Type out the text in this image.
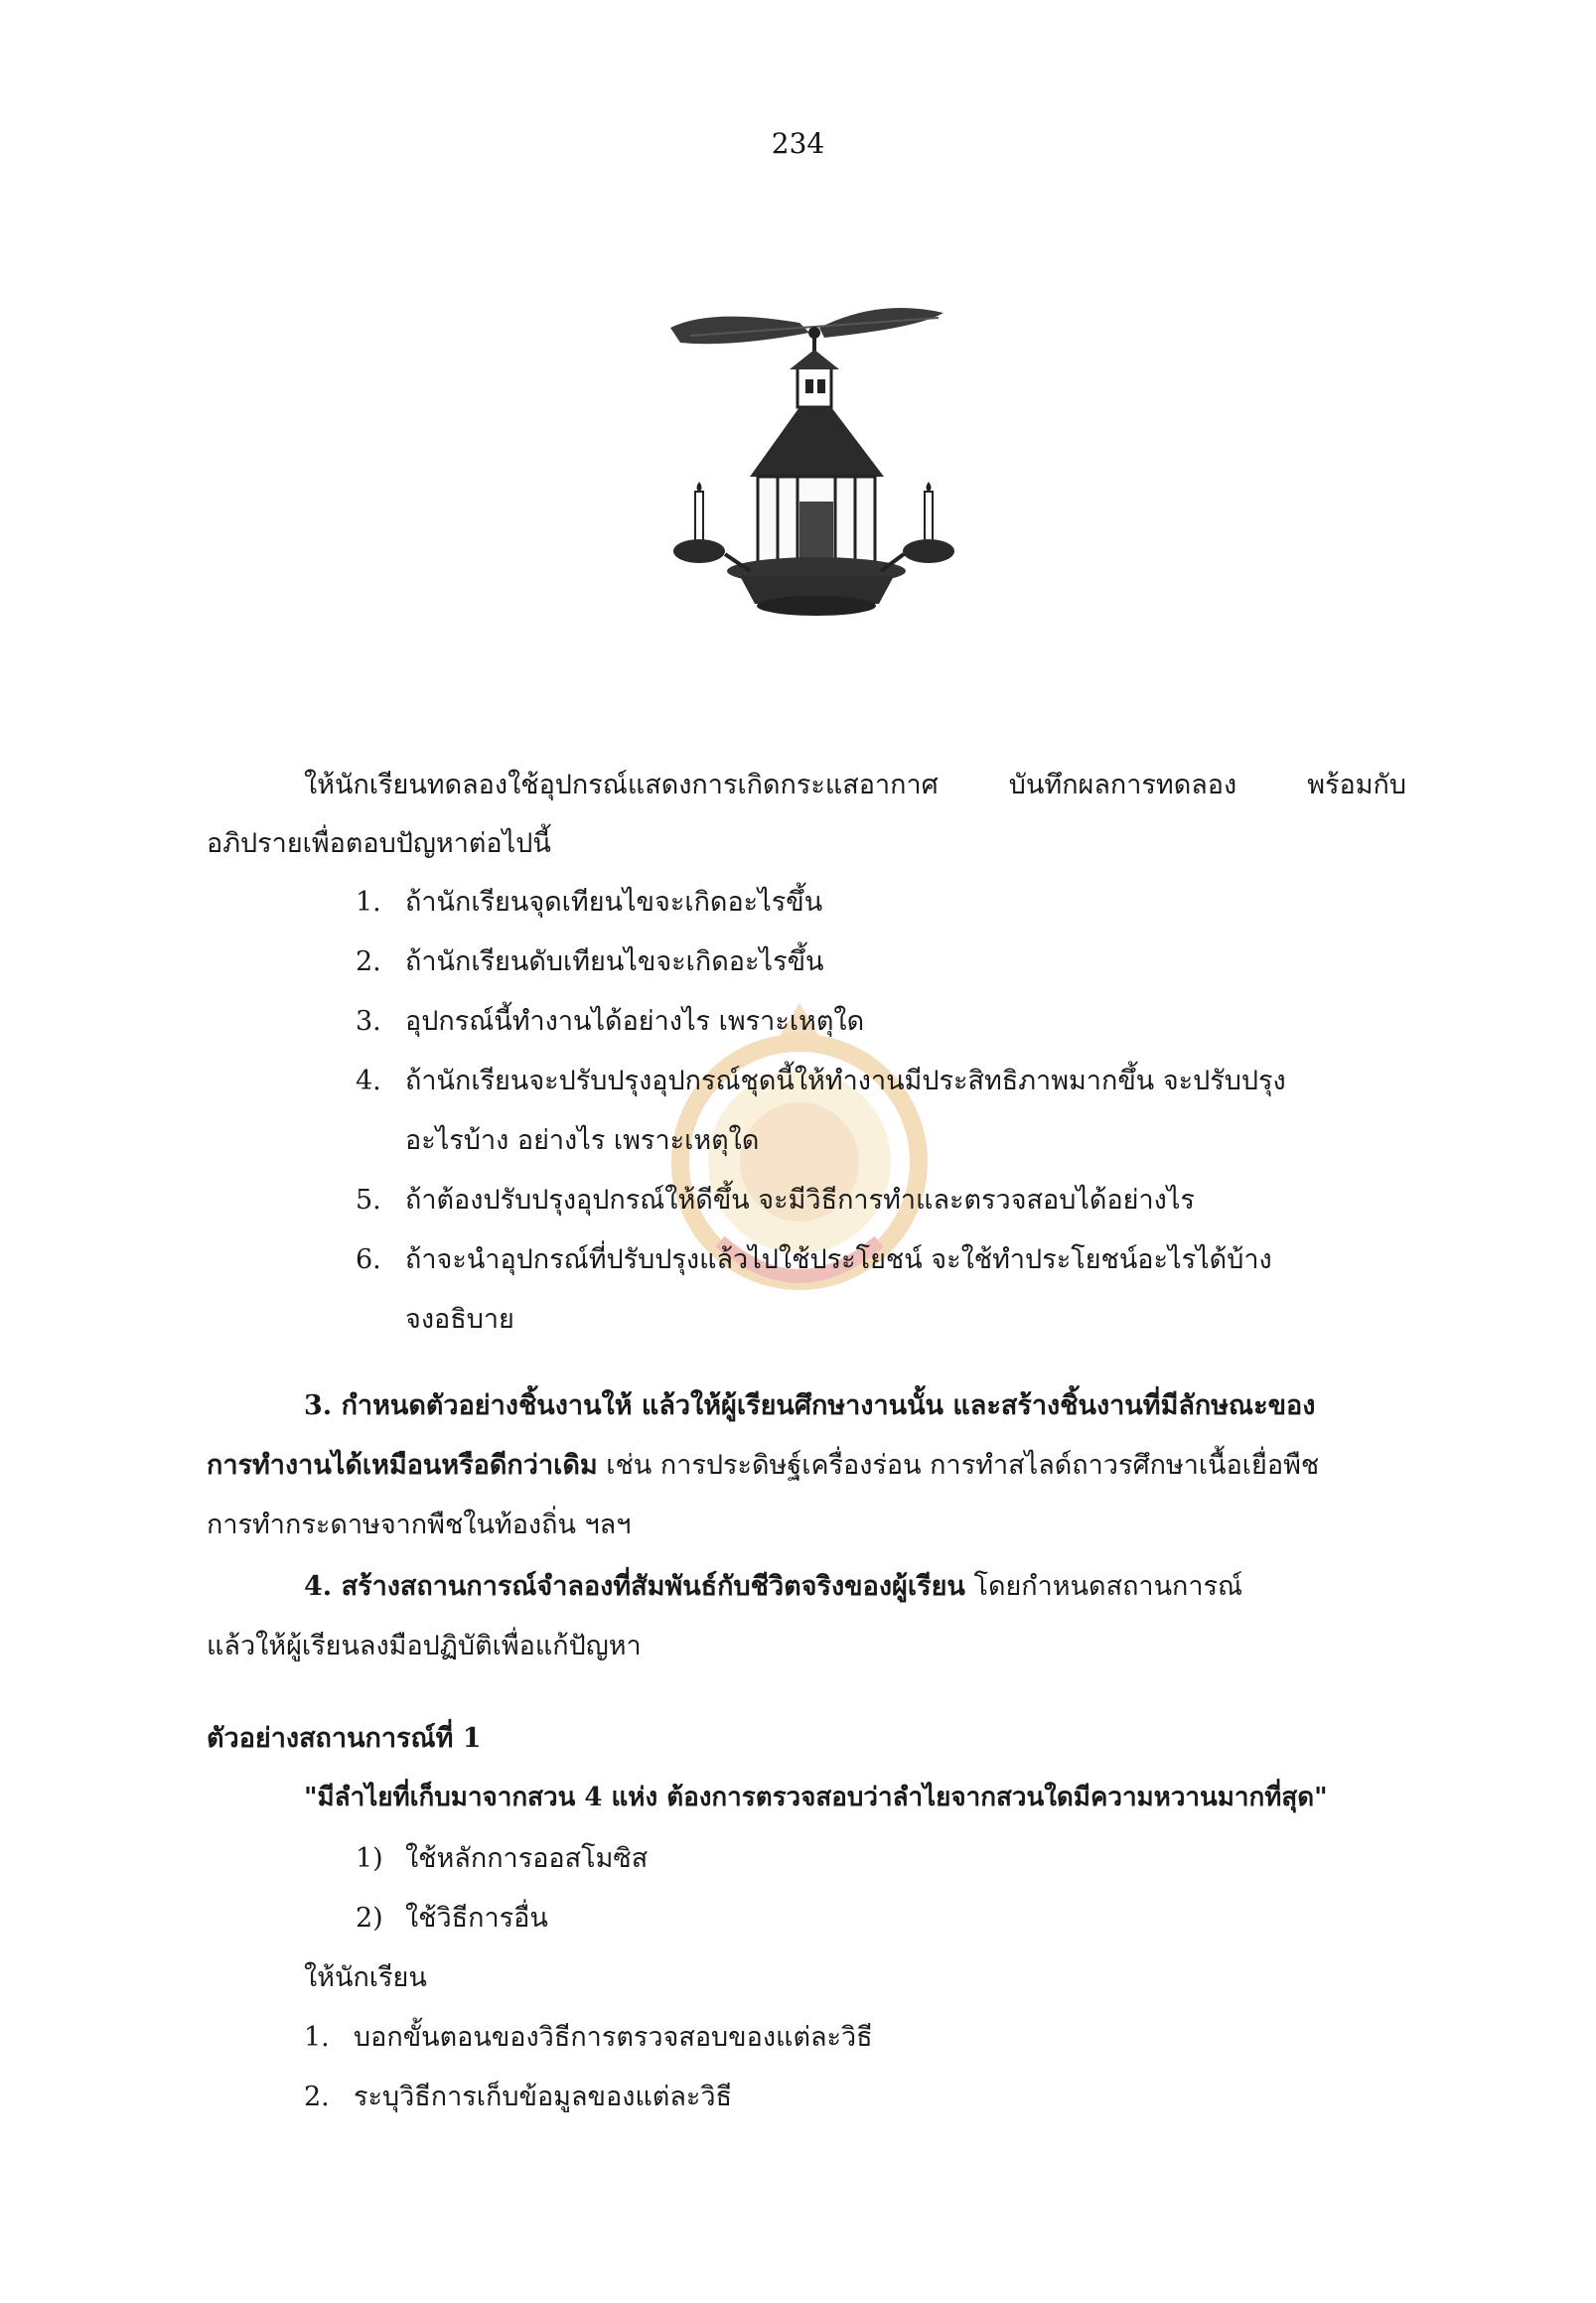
234
ให้นักเรียนทดลองใช้อุปกรณ์แสดงการเกิดกระแสอากาศ บันทึกผลการทดลอง พร้อมกับ
อภิปรายเพื่อตอบปัญหาต่อไปนี้
1. ถ้านักเรียนจุดเทียนไขจะเกิดอะไรขึ้น
2. ถ้านักเรียนดับเทียนไขจะเกิดอะไรขึ้น
3. อุปกรณ์นี้ทำงานได้อย่างไร เพราะเหตุใด
4. ถ้านักเรียนจะปรับปรุงอุปกรณ์ชุดนี้ให้ทำงานมีประสิทธิภาพมากขึ้น จะปรับปรุง
อะไรบ้าง อย่างไร เพราะเหตุใด
5. ถ้าต้องปรับปรุงอุปกรณ์ให้ดีขึ้น จะมีวิธีการทำและตรวจสอบได้อย่างไร
6. ถ้าจะนำอุปกรณ์ที่ปรับปรุงแล้วไปใช้ประโยชน์ จะใช้ทำประโยชน์อะไรได้บ้าง
จงอธิบาย
3. กำหนดตัวอย่างชิ้นงานให้ แล้วให้ผู้เรียนศึกษางานนั้น และสร้างชิ้นงานที่มีลักษณะของ
การทำงานได้เหมือนหรือดีกว่าเดิม เช่น การประดิษฐ์เครื่องร่อน การทำสไลด์ถาวรศึกษาเนื้อเยื่อพืช
การทำกระดาษจากพืชในท้องถิ่น ฯลฯ
4. สร้างสถานการณ์จำลองที่สัมพันธ์กับชีวิตจริงของผู้เรียน โดยกำหนดสถานการณ์
แล้วให้ผู้เรียนลงมือปฏิบัติเพื่อแก้ปัญหา
ตัวอย่างสถานการณ์ที่ 1
"มีลำไยที่เก็บมาจากสวน 4 แห่ง ต้องการตรวจสอบว่าลำไยจากสวนใดมีความหวานมากที่สุด"
1) ใช้หลักการออสโมซิส
2) ใช้วิธีการอื่น
ให้นักเรียน
1. บอกขั้นตอนของวิธีการตรวจสอบของแต่ละวิธี
2. ระบุวิธีการเก็บข้อมูลของแต่ละวิธี
